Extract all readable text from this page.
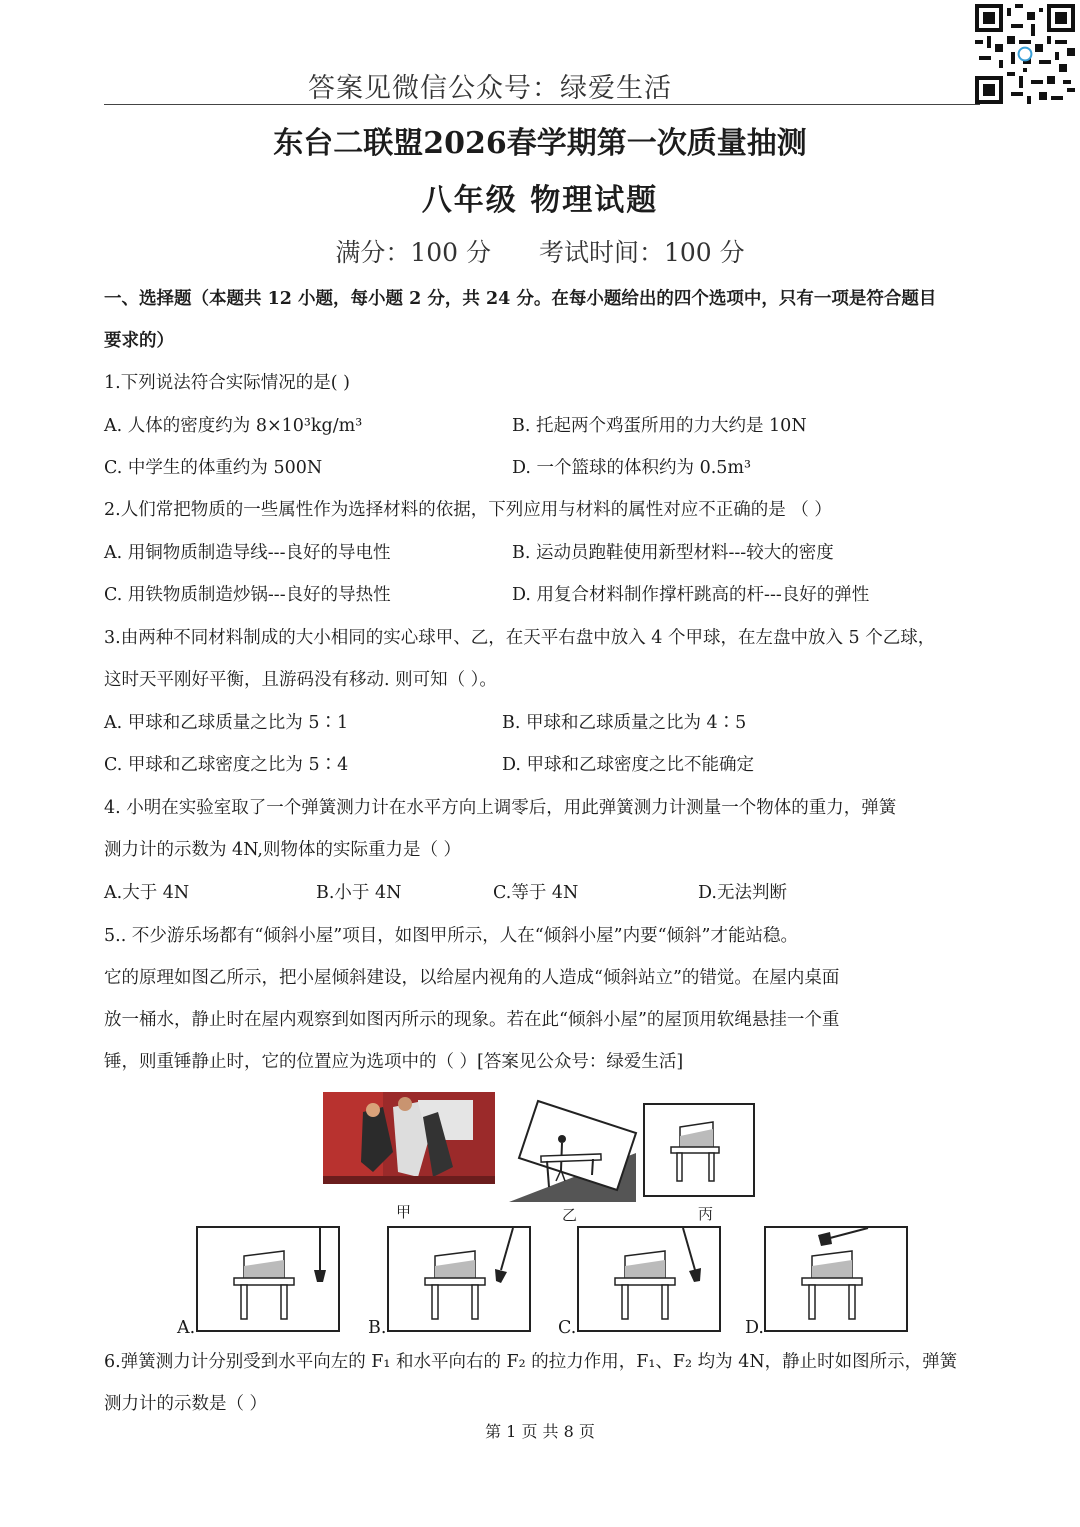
答案见微信公众号：绿爱生活
东台二联盟2026春学期第一次质量抽测
八年级 物理试题
满分：100 分 考试时间：100 分
一、选择题（本题共 12 小题，每小题 2 分，共 24 分。在每小题给出的四个选项中，只有一项是符合题目
要求的）
1.下列说法符合实际情况的是( )
A. 人体的密度约为 8×10³kg/m³	B. 托起两个鸡蛋所用的力大约是 10N
C. 中学生的体重约为 500N	D. 一个篮球的体积约为 0.5m³
2.人们常把物质的一些属性作为选择材料的依据，下列应用与材料的属性对应不正确的是 （ ）
A. 用铜物质制造导线---良好的导电性	B. 运动员跑鞋使用新型材料---较大的密度
C. 用铁物质制造炒锅---良好的导热性	D. 用复合材料制作撑杆跳高的杆---良好的弹性
3.由两种不同材料制成的大小相同的实心球甲、乙，在天平右盘中放入 4 个甲球，在左盘中放入 5 个乙球，
这时天平刚好平衡，且游码没有移动. 则可知（ ）。
A. 甲球和乙球质量之比为 5∶1	B. 甲球和乙球质量之比为 4∶5
C. 甲球和乙球密度之比为 5∶4	D. 甲球和乙球密度之比不能确定
4. 小明在实验室取了一个弹簧测力计在水平方向上调零后，用此弹簧测力计测量一个物体的重力，弹簧
测力计的示数为 4N,则物体的实际重力是（ ）
A.大于 4N	B.小于 4N	C.等于 4N	D.无法判断
5.. 不少游乐场都有“倾斜小屋”项目，如图甲所示，人在“倾斜小屋”内要“倾斜”才能站稳。
它的原理如图乙所示，把小屋倾斜建设，以给屋内视角的人造成“倾斜站立”的错觉。在屋内桌面
放一桶水，静止时在屋内观察到如图丙所示的现象。若在此“倾斜小屋”的屋顶用软绳悬挂一个重
锤，则重锤静止时，它的位置应为选项中的（ ）[答案见公众号：绿爱生活]
甲	乙	丙
A.	B.	C.	D.
6.弹簧测力计分别受到水平向左的 F₁ 和水平向右的 F₂ 的拉力作用，F₁、F₂ 均为 4N，静止时如图所示，弹簧
测力计的示数是（ ）
第 1 页 共 8 页
